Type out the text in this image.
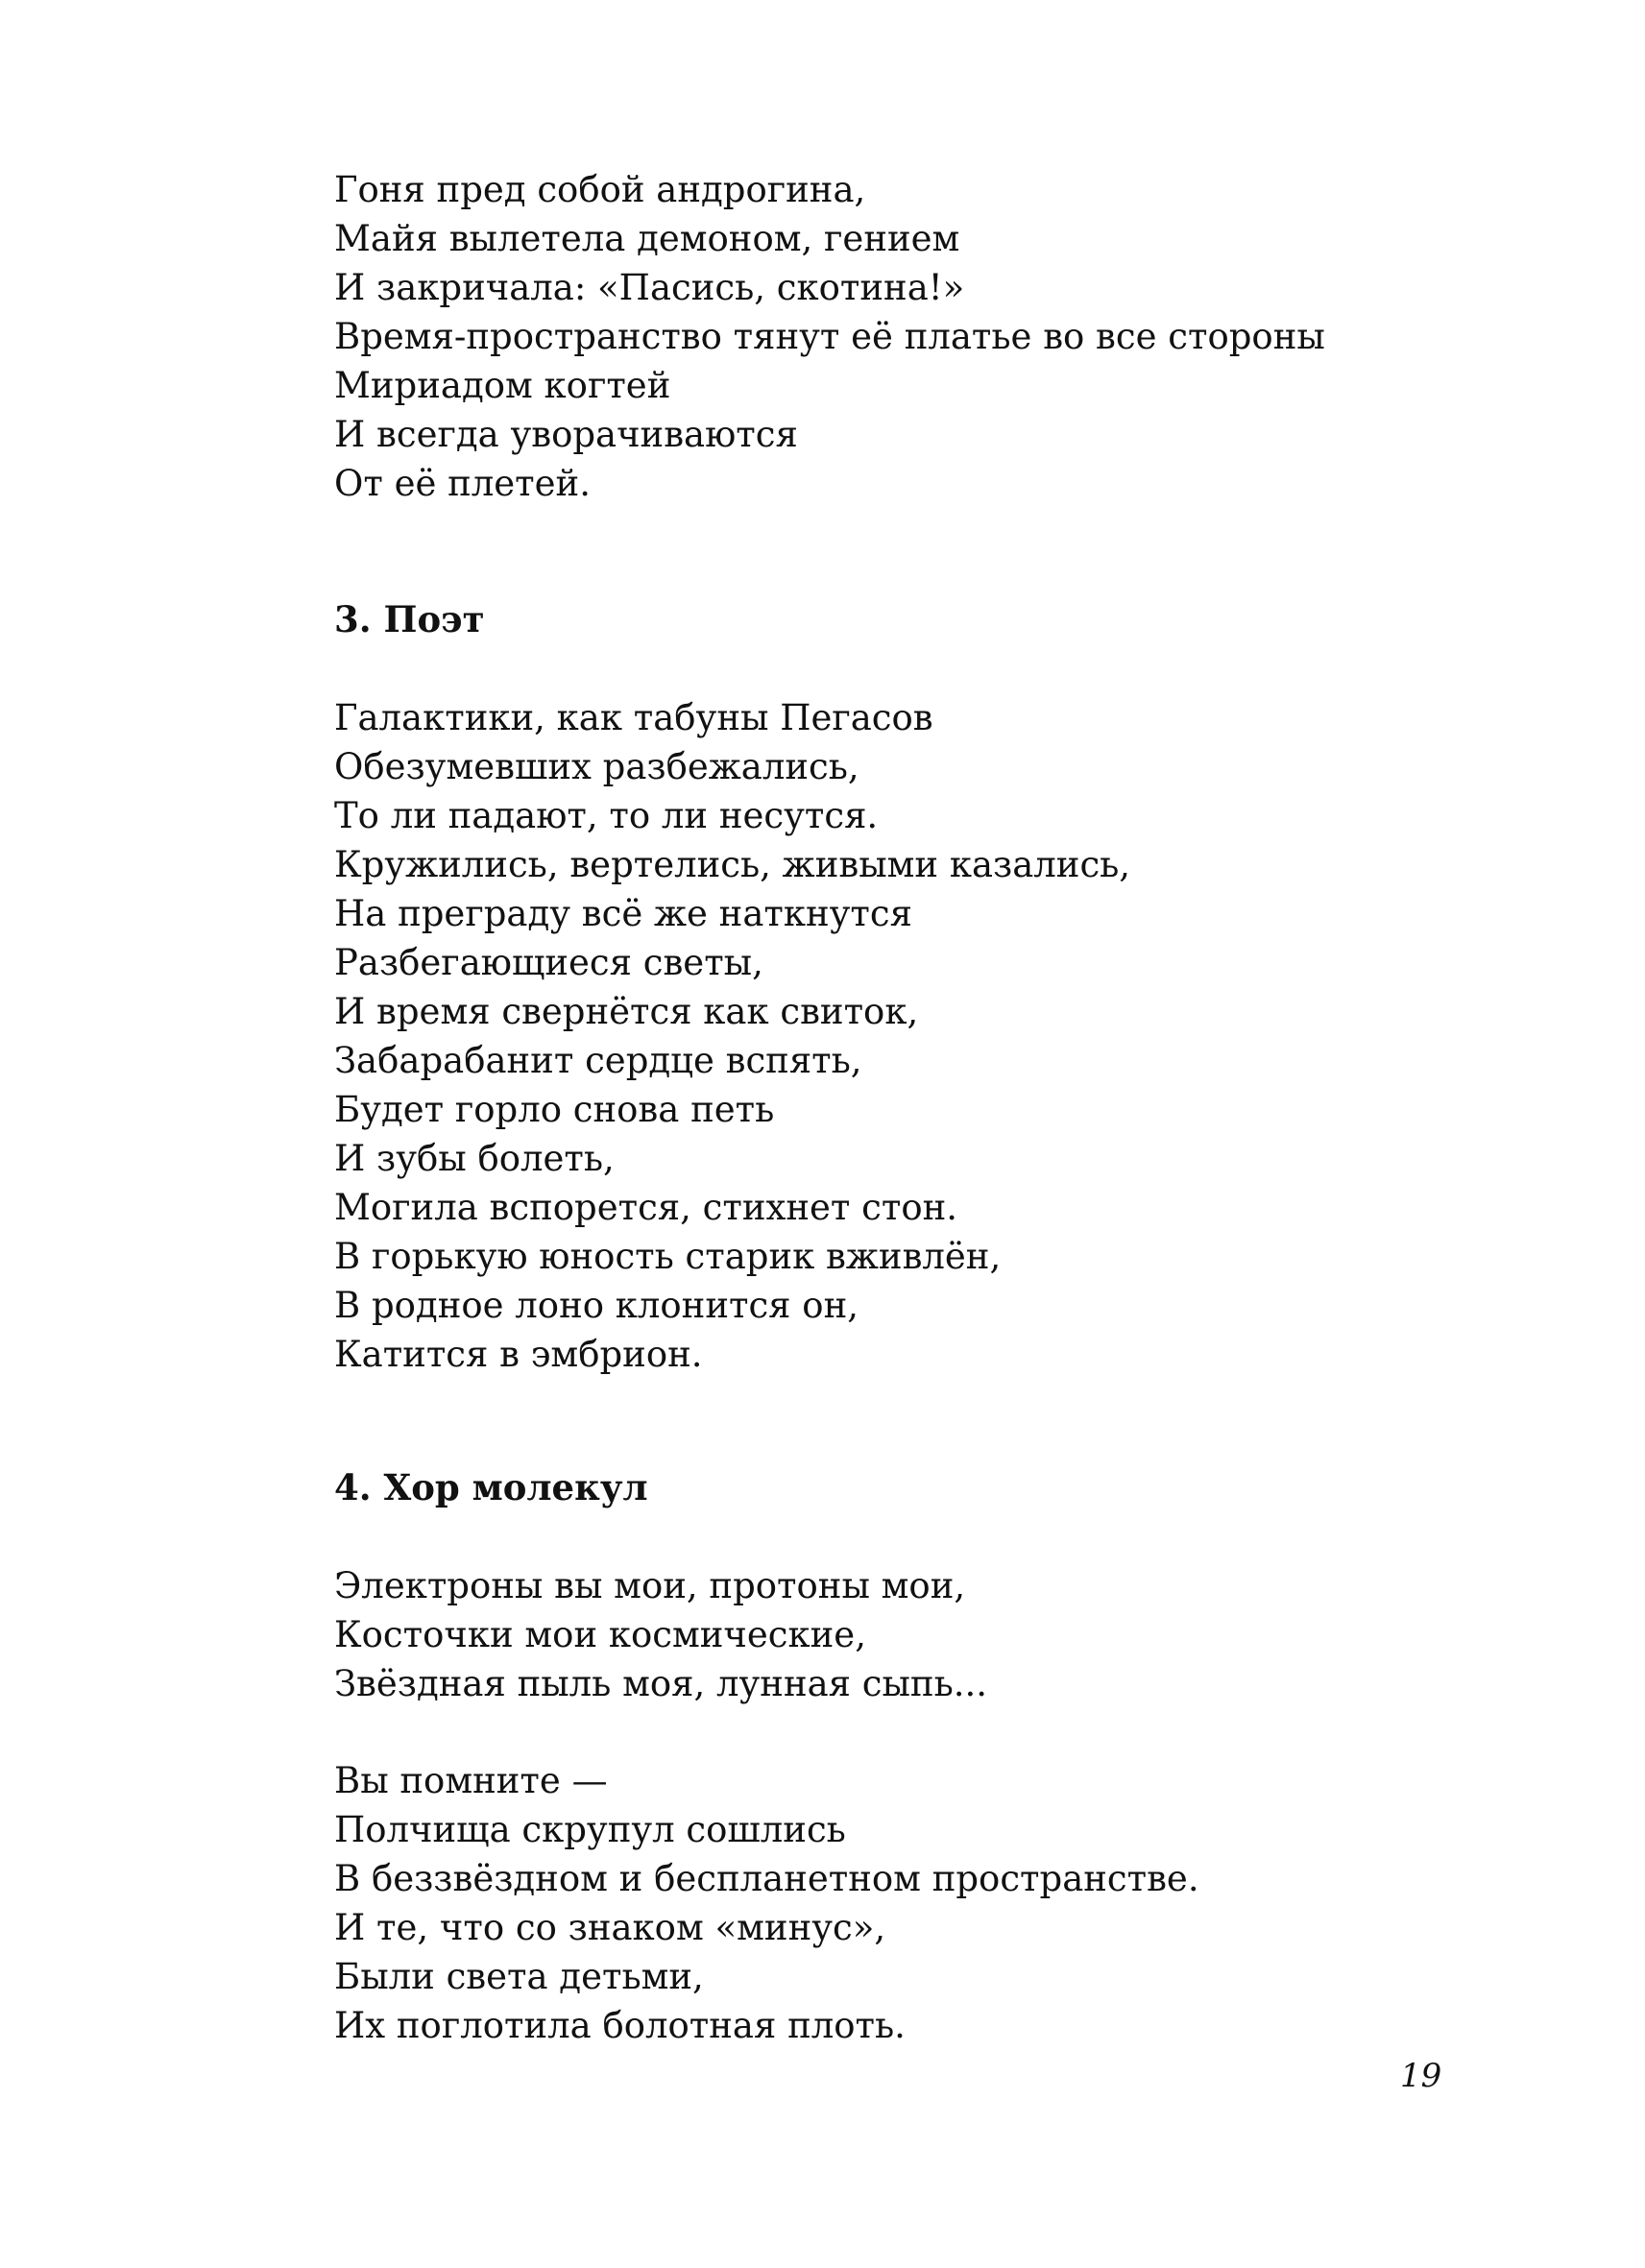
Гоня пред собой андрогина,
Майя вылетела демоном, гением
И закричала: «Пасись, скотина!»
Время-пространство тянут её платье во все стороны
Мириадом когтей
И всегда уворачиваются
От её плетей.
3. Поэт
Галактики, как табуны Пегасов
Обезумевших разбежались,
То ли падают, то ли несутся.
Кружились, вертелись, живыми казались,
На преграду всё же наткнутся
Разбегающиеся светы,
И время свернётся как свиток,
Забарабанит сердце вспять,
Будет горло снова петь
И зубы болеть,
Могила вспорется, стихнет стон.
В горькую юность старик вживлён,
В родное лоно клонится он,
Катится в эмбрион.
4. Хор молекул
Электроны вы мои, протоны мои,
Косточки мои космические,
Звёздная пыль моя, лунная сыпь...
Вы помните —
Полчища скрупул сошлись
В беззвёздном и беспланетном пространстве.
И те, что со знаком «минус»,
Были света детьми,
Их поглотила болотная плоть.
19
